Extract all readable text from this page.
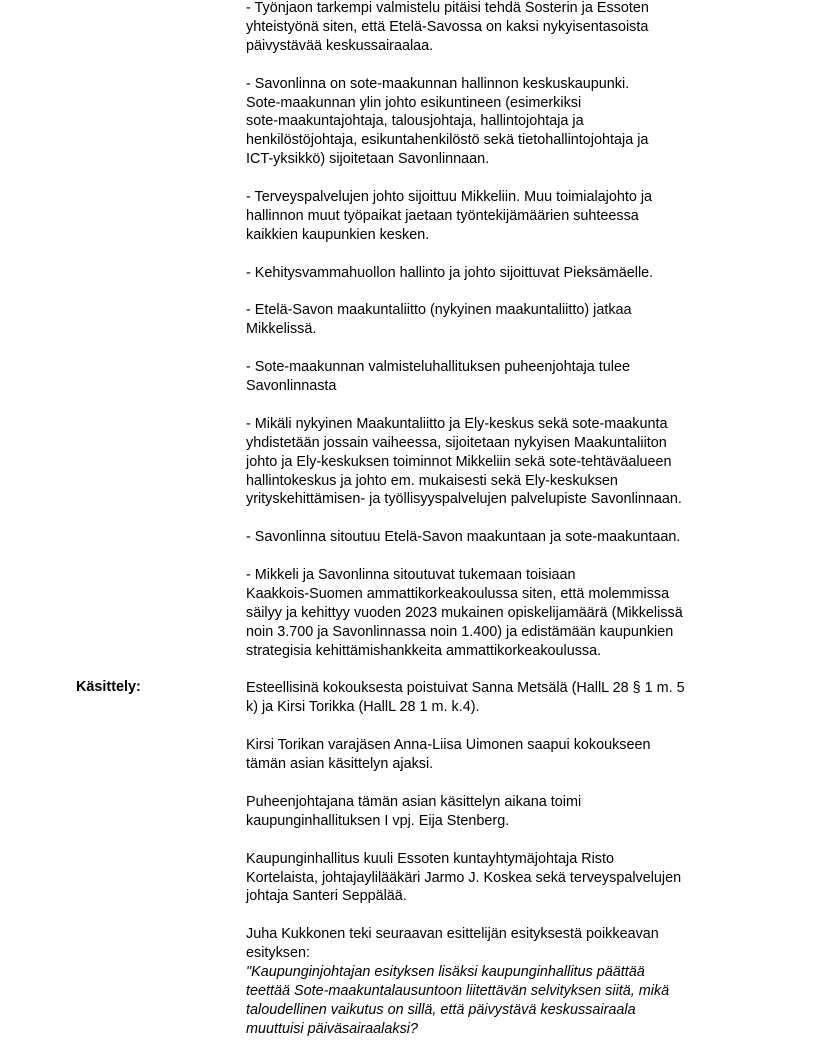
- Työnjaon tarkempi valmistelu pitäisi tehdä Sosterin ja Essoten
yhteistyönä siten, että Etelä-Savossa on kaksi nykyisentasoista
päivystävää keskussairaalaa.

- Savonlinna on sote-maakunnan hallinnon keskuskaupunki.
Sote-maakunnan ylin johto esikuntineen (esimerkiksi
sote-maakuntajohtaja, talousjohtaja, hallintojohtaja ja
henkilöstöjohtaja, esikuntahenkilöstö sekä tietohallintojohtaja ja
ICT-yksikkö) sijoitetaan Savonlinnaan.

- Terveyspalvelujen johto sijoittuu Mikkeliin. Muu toimialajohto ja
hallinnon muut työpaikat jaetaan työntekijämäärien suhteessa
kaikkien kaupunkien kesken.

- Kehitysvammahuollon hallinto ja johto sijoittuvat Pieksämäelle.

- Etelä-Savon maakuntaliitto (nykyinen maakuntaliitto) jatkaa
Mikkelissä.

- Sote-maakunnan valmisteluhallituksen puheenjohtaja tulee
Savonlinnasta

- Mikäli nykyinen Maakuntaliitto ja Ely-keskus sekä sote-maakunta
yhdistetään jossain vaiheessa, sijoitetaan nykyisen Maakuntaliiton
johto ja Ely-keskuksen toiminnot Mikkeliin sekä sote-tehtäväalueen
hallintokeskus ja johto em. mukaisesti sekä Ely-keskuksen
yrityskehittämisen- ja työllisyyspalvelujen palvelupiste Savonlinnaan.

- Savonlinna sitoutuu Etelä-Savon maakuntaan ja sote-maakuntaan.

- Mikkeli ja Savonlinna sitoutuvat tukemaan toisiaan
Kaakkois-Suomen ammattikorkeakoulussa siten, että molemmissa
säilyy ja kehittyy vuoden 2023 mukainen opiskelijamäärä (Mikkelissä
noin 3.700 ja Savonlinnassa noin 1.400) ja edistämään kaupunkien
strategisia kehittämishankkeita ammattikorkeakoulussa.

Esteellisinä kokouksesta poistuivat Sanna Metsälä (HallL 28 § 1 m. 5
k) ja Kirsi Torikka (HallL 28 1 m. k.4).

Kirsi Torikan varajäsen Anna-Liisa Uimonen saapui kokoukseen
tämän asian käsittelyn ajaksi.

Puheenjohtajana tämän asian käsittelyn aikana toimi
kaupunginhallituksen I vpj. Eija Stenberg.

Kaupunginhallitus kuuli Essoten kuntayhtymäjohtaja Risto
Kortelaista, johtajaylilääkäri Jarmo J. Koskea sekä terveyspalvelujen
johtaja Santeri Seppälää.

Juha Kukkonen teki seuraavan esittelijän esityksestä poikkeavan
esityksen:

"Kaupunginjohtajan esityksen lisäksi kaupunginhallitus päättää
teettää Sote-maakuntalausuntoon liitettävän selvityksen siitä, mikä
taloudellinen vaikutus on sillä, että päivystävä keskussairaala
muuttuisi päiväsairaalaksi?

Käsittely:
